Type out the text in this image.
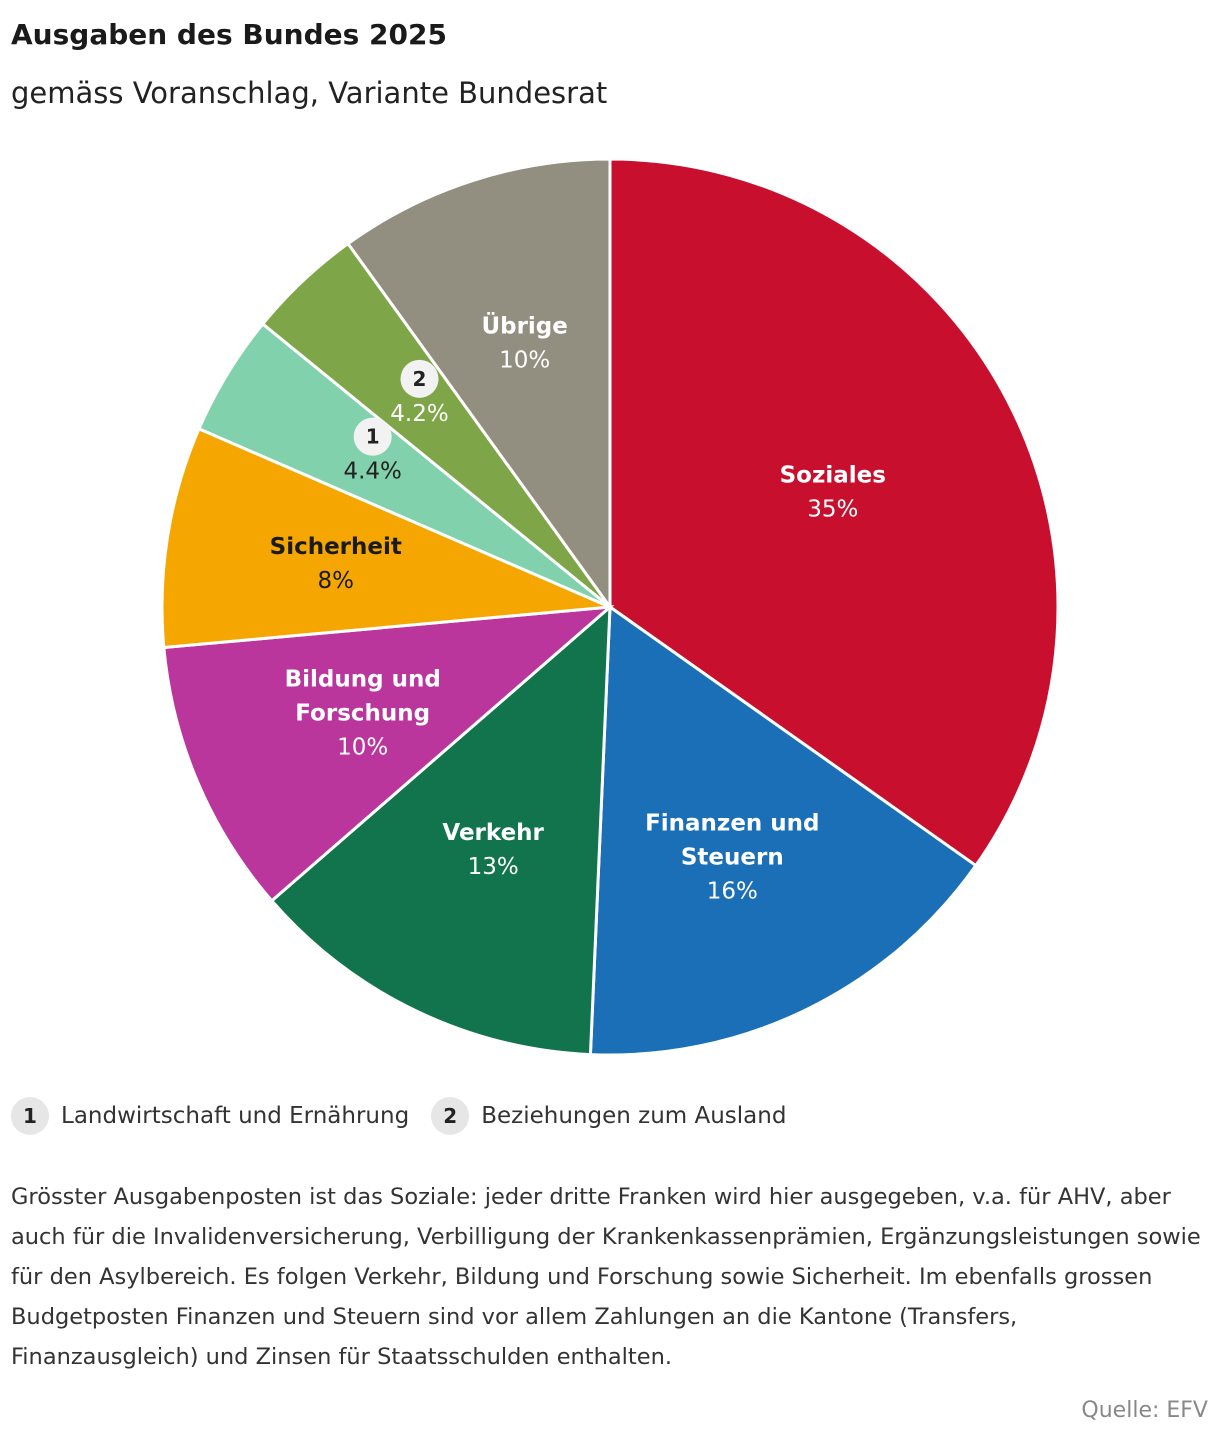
Ausgaben des Bundes 2025
gemäss Voranschlag, Variante Bundesrat
Soziales
35%
Finanzen und Steuern
16%
Verkehr
13%
Bildung und Forschung
10%
Sicherheit
8%
1
4.4%
2
4.2%
Übrige
10%
1	Landwirtschaft und Ernährung	2	Beziehungen zum Ausland
Grösster Ausgabenposten ist das Soziale: jeder dritte Franken wird hier ausgegeben, v.a. für AHV, aber auch für die Invalidenversicherung, Verbilligung der Krankenkassenprämien, Ergänzungsleistungen sowie für den Asylbereich. Es folgen Verkehr, Bildung und Forschung sowie Sicherheit. Im ebenfalls grossen Budgetposten Finanzen und Steuern sind vor allem Zahlungen an die Kantone (Transfers, Finanzausgleich) und Zinsen für Staatsschulden enthalten.
Quelle: EFV
